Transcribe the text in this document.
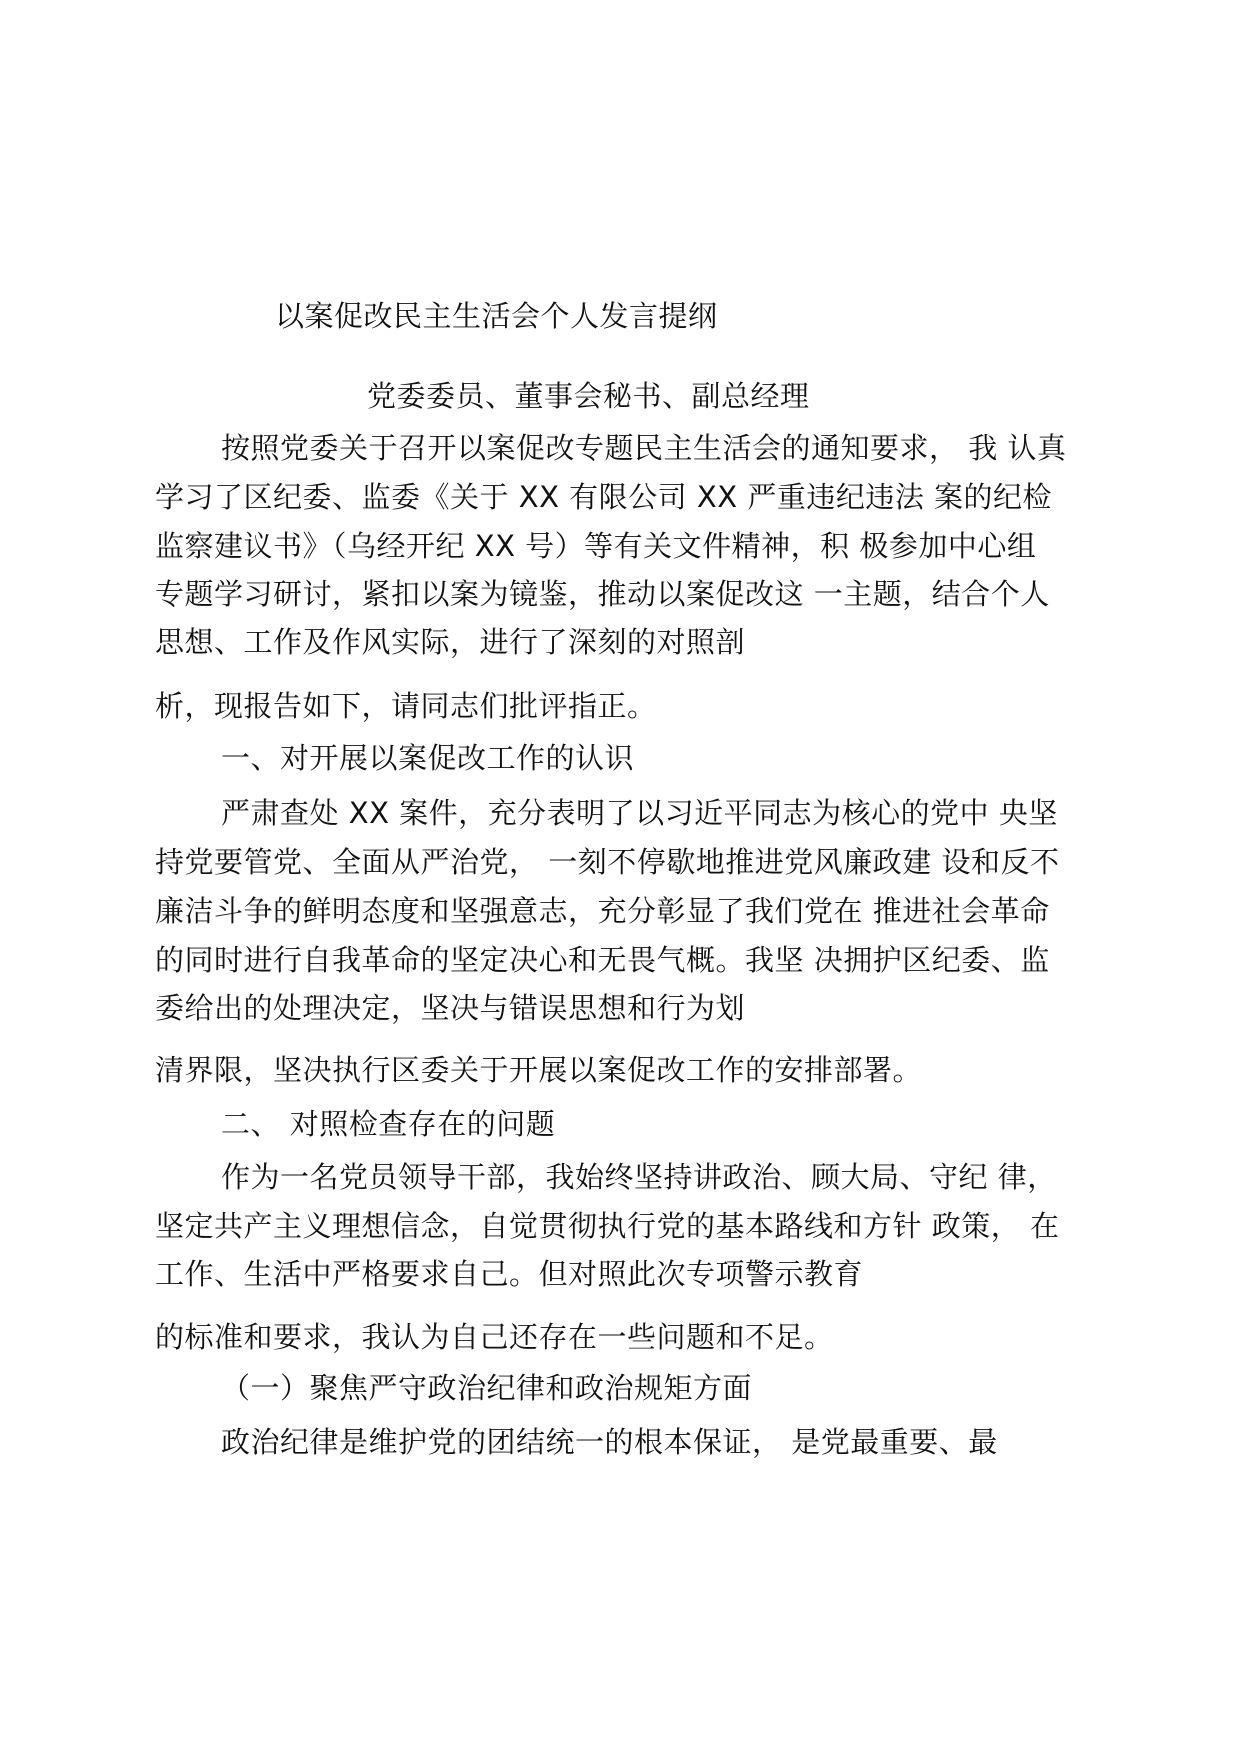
以案促改民主生活会个人发言提纲
党委委员、董事会秘书、副总经理
按照党委关于召开以案促改专题民主生活会的通知要求， 我 认真
学习了区纪委、监委《关于 XX 有限公司 XX 严重违纪违法 案的纪检
监察建议书》（乌经开纪 XX 号）等有关文件精神，积 极参加中心组
专题学习研讨，紧扣以案为镜鉴，推动以案促改这 一主题，结合个人
思想、工作及作风实际，进行了深刻的对照剖
析，现报告如下，请同志们批评指正。
一、对开展以案促改工作的认识
严肃查处 XX 案件，充分表明了以习近平同志为核心的党中 央坚
持党要管党、全面从严治党， 一刻不停歇地推进党风廉政建 设和反不
廉洁斗争的鲜明态度和坚强意志，充分彰显了我们党在 推进社会革命
的同时进行自我革命的坚定决心和无畏气概。我坚 决拥护区纪委、监
委给出的处理决定，坚决与错误思想和行为划
清界限，坚决执行区委关于开展以案促改工作的安排部署。
二、 对照检查存在的问题
作为一名党员领导干部，我始终坚持讲政治、顾大局、守纪 律，
坚定共产主义理想信念，自觉贯彻执行党的基本路线和方针 政策， 在
工作、生活中严格要求自己。但对照此次专项警示教育
的标准和要求，我认为自己还存在一些问题和不足。
（一）聚焦严守政治纪律和政治规矩方面
政治纪律是维护党的团结统一的根本保证， 是党最重要、最
